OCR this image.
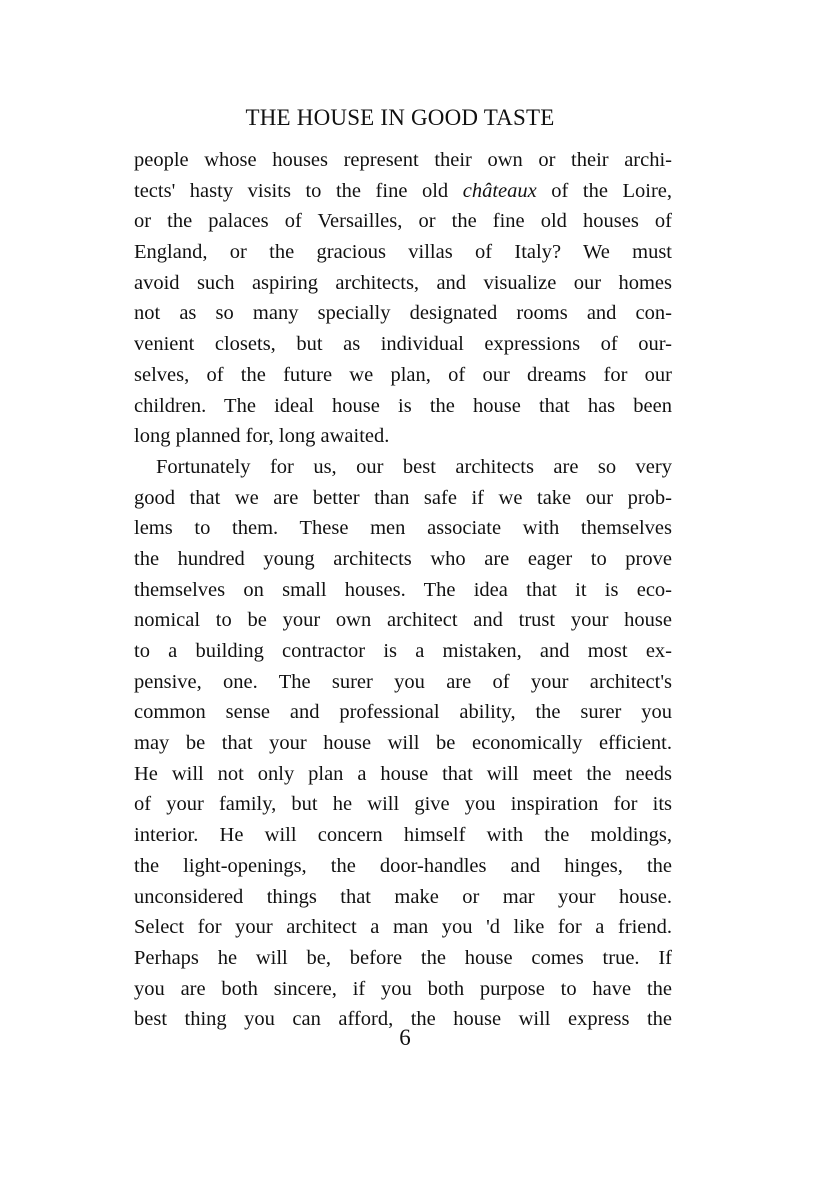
THE HOUSE IN GOOD TASTE
people whose houses represent their own or their archi-
tects' hasty visits to the fine old châteaux of the Loire,
or the palaces of Versailles, or the fine old houses of
England, or the gracious villas of Italy? We must
avoid such aspiring architects, and visualize our homes
not as so many specially designated rooms and con-
venient closets, but as individual expressions of our-
selves, of the future we plan, of our dreams for our
children. The ideal house is the house that has been
long planned for, long awaited.
Fortunately for us, our best architects are so very
good that we are better than safe if we take our prob-
lems to them. These men associate with themselves
the hundred young architects who are eager to prove
themselves on small houses. The idea that it is eco-
nomical to be your own architect and trust your house
to a building contractor is a mistaken, and most ex-
pensive, one. The surer you are of your architect's
common sense and professional ability, the surer you
may be that your house will be economically efficient.
He will not only plan a house that will meet the needs
of your family, but he will give you inspiration for its
interior. He will concern himself with the moldings,
the light-openings, the door-handles and hinges, the
unconsidered things that make or mar your house.
Select for your architect a man you 'd like for a friend.
Perhaps he will be, before the house comes true. If
you are both sincere, if you both purpose to have the
best thing you can afford, the house will express the
6
